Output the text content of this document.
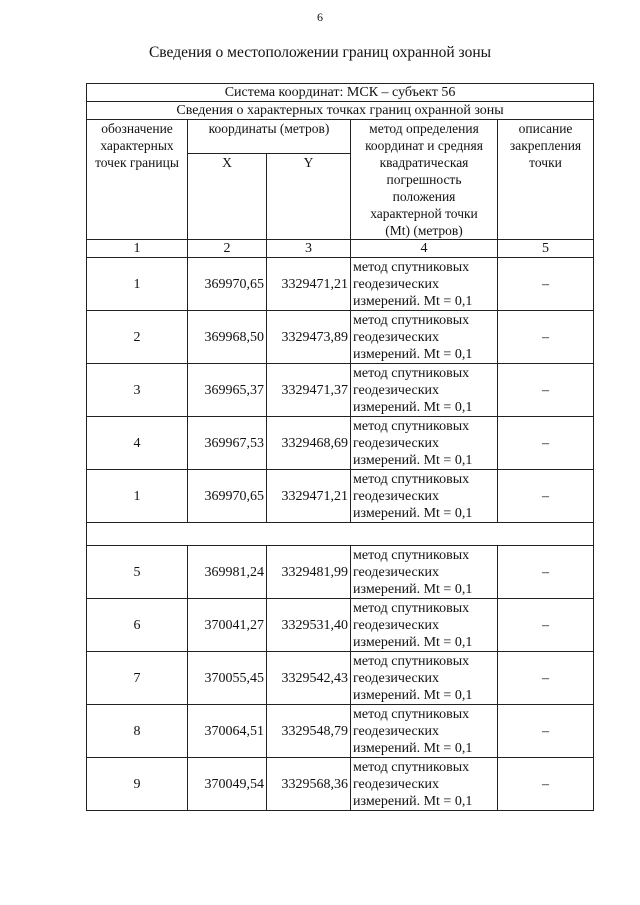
6
Сведения о местоположении границ охранной зоны
Система координат: МСК – субъект 56				
Сведения о характерных точках границ охранной зоны				
обозначение характерных точек границы	координаты (метров)		метод определения координат и средняя квадратическая погрешность положения характерной точки (Mt) (метров)	описание закрепления точки
	X	Y		
1	2	3	4	5
1	369970,65	3329471,21	метод спутниковых геодезических измерений. Mt = 0,1	–
2	369968,50	3329473,89	метод спутниковых геодезических измерений. Mt = 0,1	–
3	369965,37	3329471,37	метод спутниковых геодезических измерений. Mt = 0,1	–
4	369967,53	3329468,69	метод спутниковых геодезических измерений. Mt = 0,1	–
1	369970,65	3329471,21	метод спутниковых геодезических измерений. Mt = 0,1	–

5	369981,24	3329481,99	метод спутниковых геодезических измерений. Mt = 0,1	–
6	370041,27	3329531,40	метод спутниковых геодезических измерений. Mt = 0,1	–
7	370055,45	3329542,43	метод спутниковых геодезических измерений. Mt = 0,1	–
8	370064,51	3329548,79	метод спутниковых геодезических измерений. Mt = 0,1	–
9	370049,54	3329568,36	метод спутниковых геодезических измерений. Mt = 0,1	–
